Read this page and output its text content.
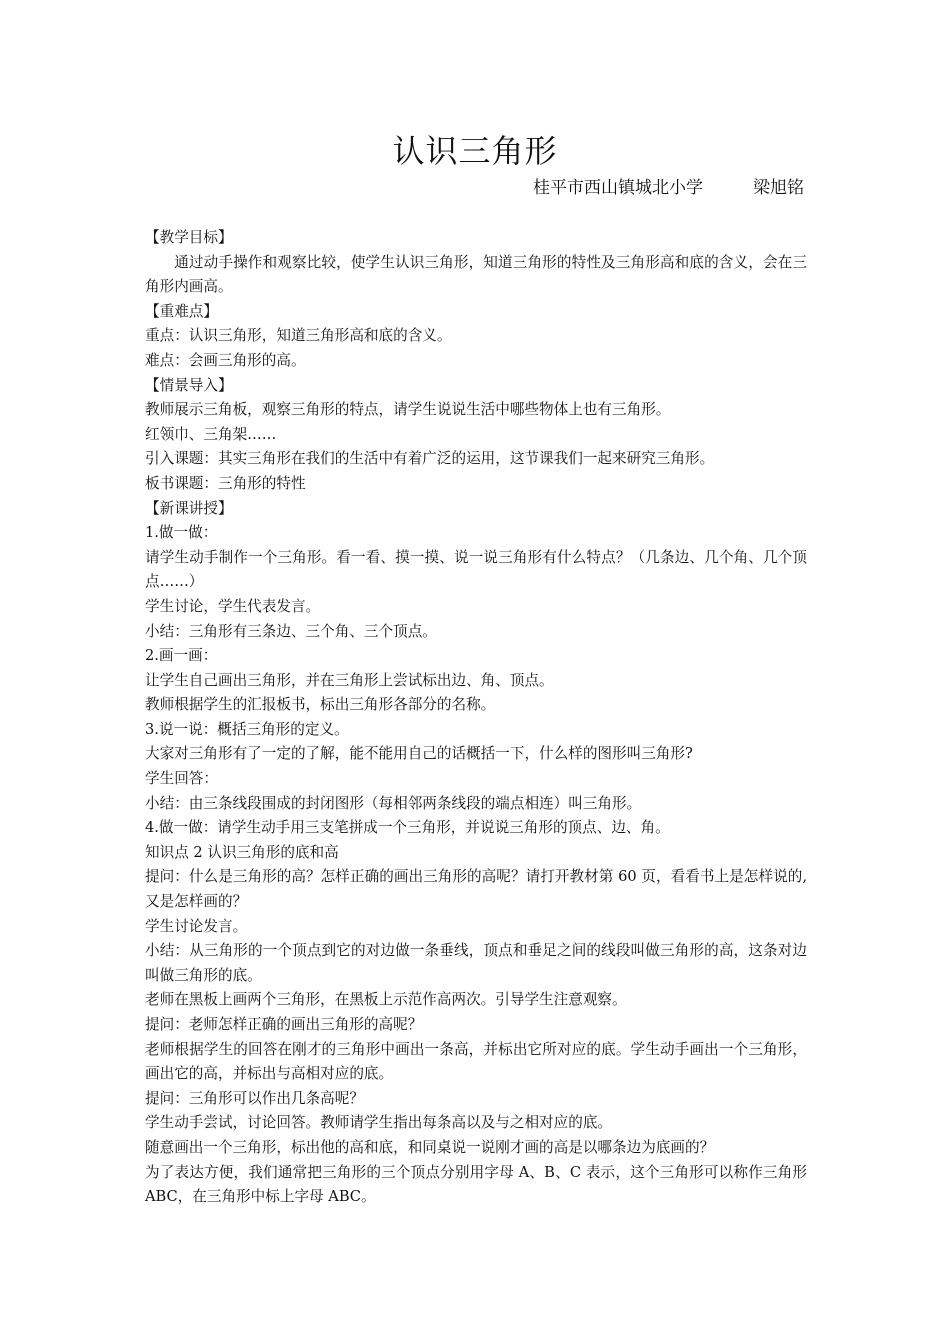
认识三角形
桂平市西山镇城北小学	梁旭铭

【教学目标】

通过动手操作和观察比较，使学生认识三角形，知道三角形的特性及三角形高和底的含义，会在三角形内画高。

【重难点】

重点：认识三角形，知道三角形高和底的含义。

难点：会画三角形的高。

【情景导入】

教师展示三角板，观察三角形的特点，请学生说说生活中哪些物体上也有三角形。

红领巾、三角架……

引入课题：其实三角形在我们的生活中有着广泛的运用，这节课我们一起来研究三角形。

板书课题：三角形的特性

【新课讲授】

1.做一做：

请学生动手制作一个三角形。看一看、摸一摸、说一说三角形有什么特点？（几条边、几个角、几个顶点……）

学生讨论，学生代表发言。

小结：三角形有三条边、三个角、三个顶点。

2.画一画：

让学生自己画出三角形，并在三角形上尝试标出边、角、顶点。

教师根据学生的汇报板书，标出三角形各部分的名称。

3.说一说：概括三角形的定义。

大家对三角形有了一定的了解，能不能用自己的话概括一下，什么样的图形叫三角形?

学生回答：

小结：由三条线段围成的封闭图形（每相邻两条线段的端点相连）叫三角形。

4.做一做：请学生动手用三支笔拼成一个三角形，并说说三角形的顶点、边、角。

知识点 2 认识三角形的底和高

提问：什么是三角形的高？怎样正确的画出三角形的高呢？请打开教材第 60 页，看看书上是怎样说的,又是怎样画的？

学生讨论发言。

小结：从三角形的一个顶点到它的对边做一条垂线，顶点和垂足之间的线段叫做三角形的高，这条对边叫做三角形的底。

老师在黑板上画两个三角形，在黑板上示范作高两次。引导学生注意观察。

提问：老师怎样正确的画出三角形的高呢？

老师根据学生的回答在刚才的三角形中画出一条高，并标出它所对应的底。学生动手画出一个三角形，画出它的高，并标出与高相对应的底。

提问：三角形可以作出几条高呢？

学生动手尝试，讨论回答。教师请学生指出每条高以及与之相对应的底。

随意画出一个三角形，标出他的高和底，和同桌说一说刚才画的高是以哪条边为底画的？

为了表达方便，我们通常把三角形的三个顶点分别用字母 A、B、C 表示，这个三角形可以称作三角形 ABC，在三角形中标上字母 ABC。
